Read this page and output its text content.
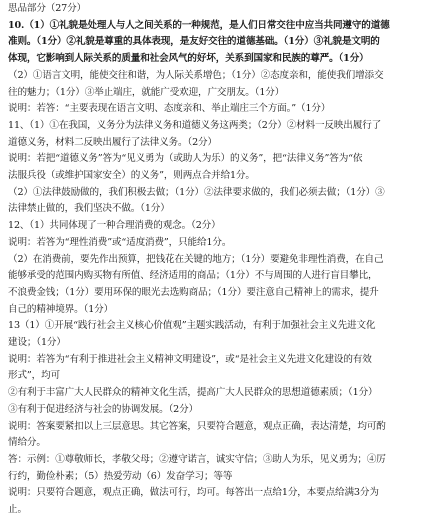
思品部分（27分）
10.（1）①礼貌是处理人与人之间关系的一种规范，是人们日常交往中应当共同遵守的道德
准则。（1分）②礼貌是尊重的具体表现，是友好交往的道德基础。（1分）③礼貌是文明的
体现，它影响到人际关系的质量和社会风气的好坏，关系到国家和民族的尊严。（1分）
（2）①语言文明，能使交往和谐，为人际关系增色；（1分）②态度亲和，能使我们增添交
往的魅力；（1分）③举止端庄，就能广受欢迎，广交朋友。（1分）
说明：若答：“主要表现在语言文明、态度亲和、举止端庄三个方面。”（1分）
11、（1）①在我国，义务分为法律义务和道德义务这两类；（2分）②材料一反映出履行了
道德义务，材料二反映出履行了法律义务。（2分）
说明：若把“道德义务”答为“见义勇为（或助人为乐）的义务”，把“法律义务”答为“依
法服兵役（或维护国家安全）的义务”，则两点合并给1分。
（2）①法律鼓励做的，我们积极去做；（1分）②法律要求做的，我们必须去做；（1分）③
法律禁止做的，我们坚决不做。（1分）
12、（1）共同体现了一种合理消费的观念。（2分）
说明：若答为“理性消费”或“适度消费”，只能给1分。
（2）在消费前，要先作出预算，把钱花在关键的地方；（1分）要避免非理性消费，在自己
能够承受的范围内购买物有所值、经济适用的商品；（1分）不与周围的人进行盲目攀比，
不浪费金钱；（1分）要用环保的眼光去选购商品；（1分）要注意自己精神上的需求，提升
自己的精神境界。（1分）
13（1）①开展“践行社会主义核心价值观”主题实践活动，有利于加强社会主义先进文化
建设；（1分）
说明：若答为“有利于推进社会主义精神文明建设”，或“是社会主义先进文化建设的有效
形式”，均可
②有利于丰富广大人民群众的精神文化生活，提高广大人民群众的思想道德素质；（1分）
③有利于促进经济与社会的协调发展。（2分）
说明：答案要紧扣以上三层意思。其它答案，只要符合题意，观点正确，表达清楚，均可酌
情给分。
答：示例：①尊敬师长，孝敬父母；②遵守诺言，诚实守信；③助人为乐，见义勇为；④厉
行约，勤俭朴素；（5）热爱劳动（6）发奋学习；等等
说明：只要符合题意，观点正确，做法可行，均可。每答出一点给1分，本要点给满3分为
止。
